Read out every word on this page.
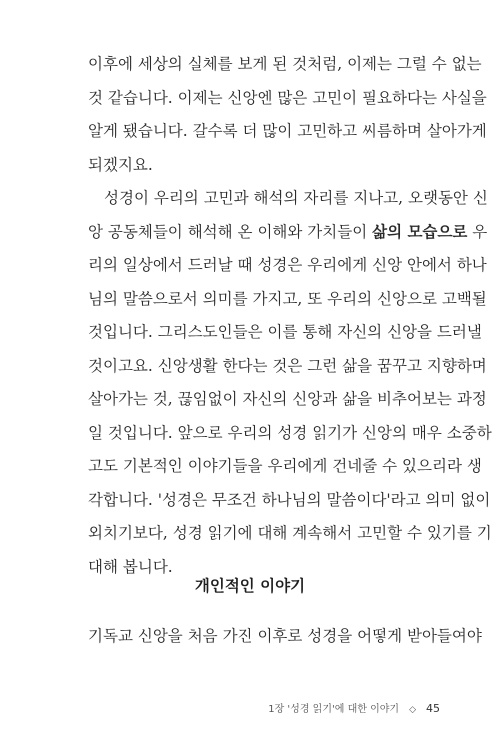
이후에 세상의 실체를 보게 된 것처럼, 이제는 그럴 수 없는
것 같습니다. 이제는 신앙엔 많은 고민이 필요하다는 사실을
알게 됐습니다. 갈수록 더 많이 고민하고 씨름하며 살아가게
되겠지요.
성경이 우리의 고민과 해석의 자리를 지나고, 오랫동안 신
앙 공동체들이 해석해 온 이해와 가치들이 삶의 모습으로 우
리의 일상에서 드러날 때 성경은 우리에게 신앙 안에서 하나
님의 말씀으로서 의미를 가지고, 또 우리의 신앙으로 고백될
것입니다. 그리스도인들은 이를 통해 자신의 신앙을 드러낼
것이고요. 신앙생활 한다는 것은 그런 삶을 꿈꾸고 지향하며
살아가는 것, 끊임없이 자신의 신앙과 삶을 비추어보는 과정
일 것입니다. 앞으로 우리의 성경 읽기가 신앙의 매우 소중하
고도 기본적인 이야기들을 우리에게 건네줄 수 있으리라 생
각합니다. '성경은 무조건 하나님의 말씀이다'라고 의미 없이
외치기보다, 성경 읽기에 대해 계속해서 고민할 수 있기를 기
대해 봅니다.
개인적인 이야기
기독교 신앙을 처음 가진 이후로 성경을 어떻게 받아들여야
1장 '성경 읽기'에 대한 이야기 ◇ 45
